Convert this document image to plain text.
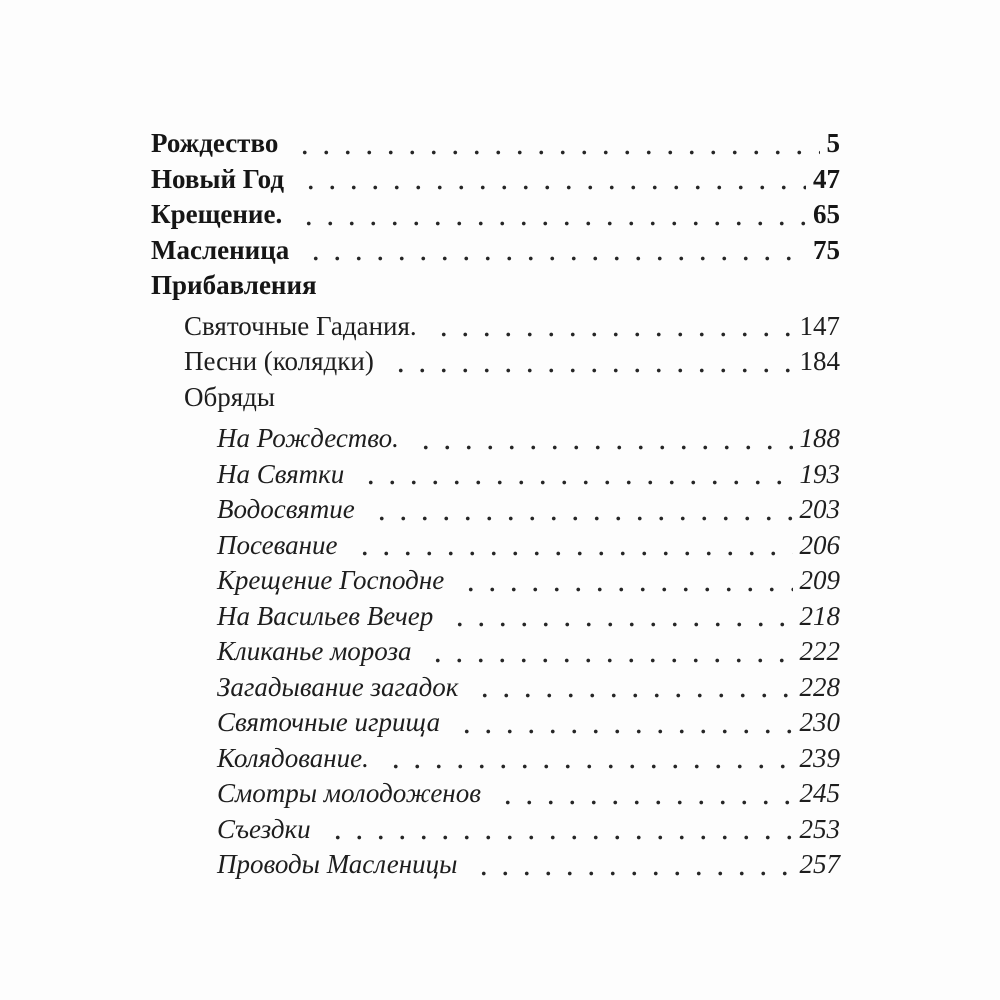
Рождество	5
Новый Год	47
Крещение.	65
Масленица	75
Прибавления
Святочные Гадания.	147
Песни (колядки)	184
Обряды
На Рождество.	188
На Святки	193
Водосвятие	203
Посевание	206
Крещение Господне	209
На Васильев Вечер	218
Кликанье мороза	222
Загадывание загадок	228
Святочные игрища	230
Колядование.	239
Смотры молодоженов	245
Съездки	253
Проводы Масленицы	257
